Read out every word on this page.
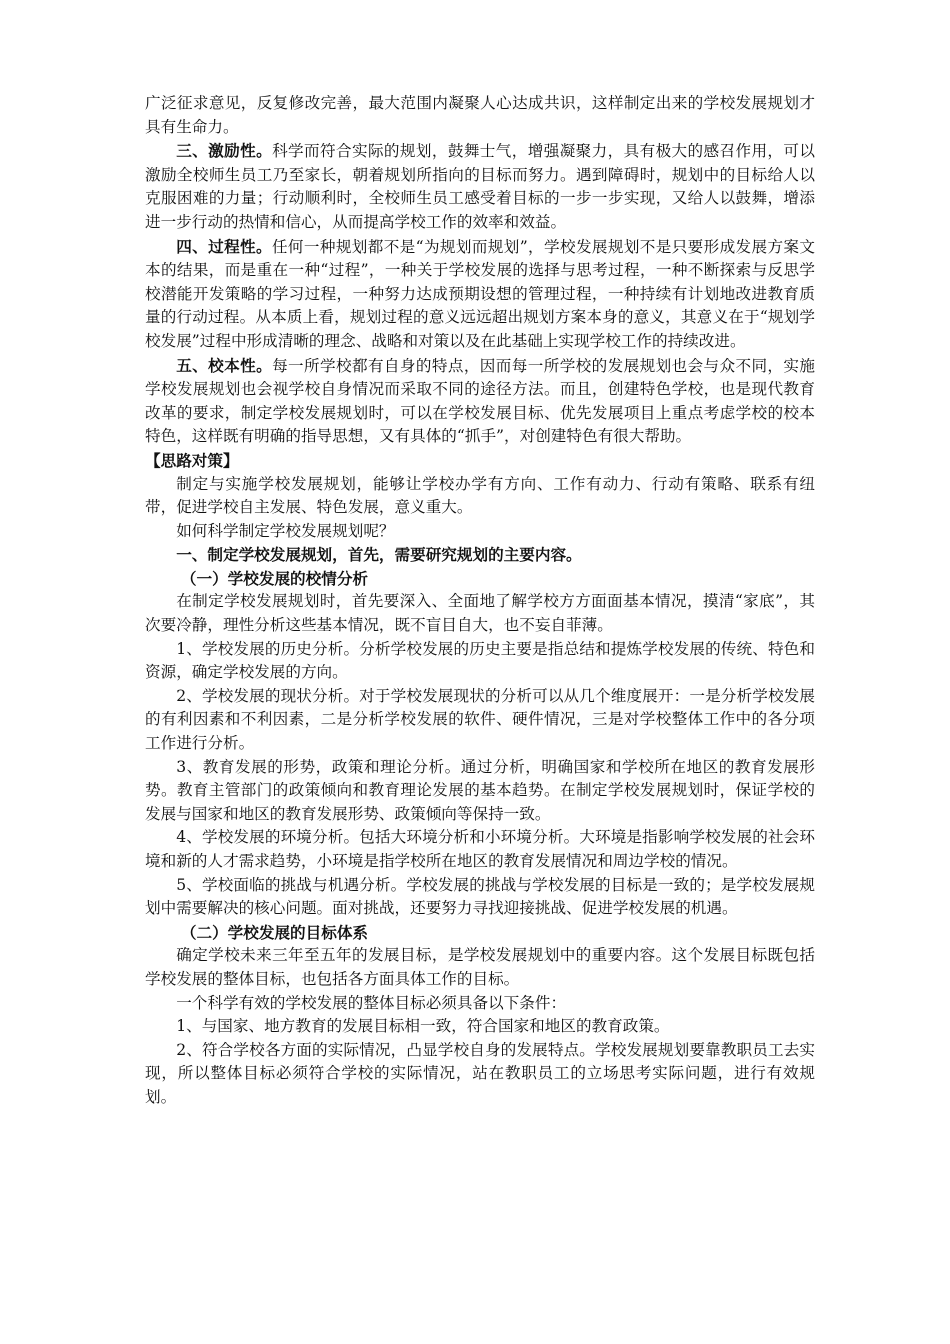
广泛征求意见，反复修改完善，最大范围内凝聚人心达成共识，这样制定出来的学校发展规划才具有生命力。

三、激励性。科学而符合实际的规划，鼓舞士气，增强凝聚力，具有极大的感召作用，可以激励全校师生员工乃至家长，朝着规划所指向的目标而努力。遇到障碍时，规划中的目标给人以克服困难的力量；行动顺利时，全校师生员工感受着目标的一步一步实现，又给人以鼓舞，增添进一步行动的热情和信心，从而提高学校工作的效率和效益。

四、过程性。任何一种规划都不是“为规划而规划”，学校发展规划不是只要形成发展方案文本的结果，而是重在一种“过程”，一种关于学校发展的选择与思考过程，一种不断探索与反思学校潜能开发策略的学习过程，一种努力达成预期设想的管理过程，一种持续有计划地改进教育质量的行动过程。从本质上看，规划过程的意义远远超出规划方案本身的意义，其意义在于“规划学校发展”过程中形成清晰的理念、战略和对策以及在此基础上实现学校工作的持续改进。

五、校本性。每一所学校都有自身的特点，因而每一所学校的发展规划也会与众不同，实施学校发展规划也会视学校自身情况而采取不同的途径方法。而且，创建特色学校，也是现代教育改革的要求，制定学校发展规划时，可以在学校发展目标、优先发展项目上重点考虑学校的校本特色，这样既有明确的指导思想，又有具体的“抓手”，对创建特色有很大帮助。

【思路对策】

制定与实施学校发展规划，能够让学校办学有方向、工作有动力、行动有策略、联系有纽带，促进学校自主发展、特色发展，意义重大。

如何科学制定学校发展规划呢？

一、制定学校发展规划，首先，需要研究规划的主要内容。

（一）学校发展的校情分析

在制定学校发展规划时，首先要深入、全面地了解学校方方面面基本情况，摸清“家底”，其次要冷静，理性分析这些基本情况，既不盲目自大，也不妄自菲薄。

1、学校发展的历史分析。分析学校发展的历史主要是指总结和提炼学校发展的传统、特色和资源，确定学校发展的方向。

2、学校发展的现状分析。对于学校发展现状的分析可以从几个维度展开：一是分析学校发展的有利因素和不利因素，二是分析学校发展的软件、硬件情况，三是对学校整体工作中的各分项工作进行分析。

3、教育发展的形势，政策和理论分析。通过分析，明确国家和学校所在地区的教育发展形势。教育主管部门的政策倾向和教育理论发展的基本趋势。在制定学校发展规划时，保证学校的发展与国家和地区的教育发展形势、政策倾向等保持一致。

4、学校发展的环境分析。包括大环境分析和小环境分析。大环境是指影响学校发展的社会环境和新的人才需求趋势，小环境是指学校所在地区的教育发展情况和周边学校的情况。

5、学校面临的挑战与机遇分析。学校发展的挑战与学校发展的目标是一致的；是学校发展规划中需要解决的核心问题。面对挑战，还要努力寻找迎接挑战、促进学校发展的机遇。

（二）学校发展的目标体系

确定学校未来三年至五年的发展目标，是学校发展规划中的重要内容。这个发展目标既包括学校发展的整体目标，也包括各方面具体工作的目标。

一个科学有效的学校发展的整体目标必须具备以下条件：

1、与国家、地方教育的发展目标相一致，符合国家和地区的教育政策。

2、符合学校各方面的实际情况，凸显学校自身的发展特点。学校发展规划要靠教职员工去实现，所以整体目标必须符合学校的实际情况，站在教职员工的立场思考实际问题，进行有效规划。
